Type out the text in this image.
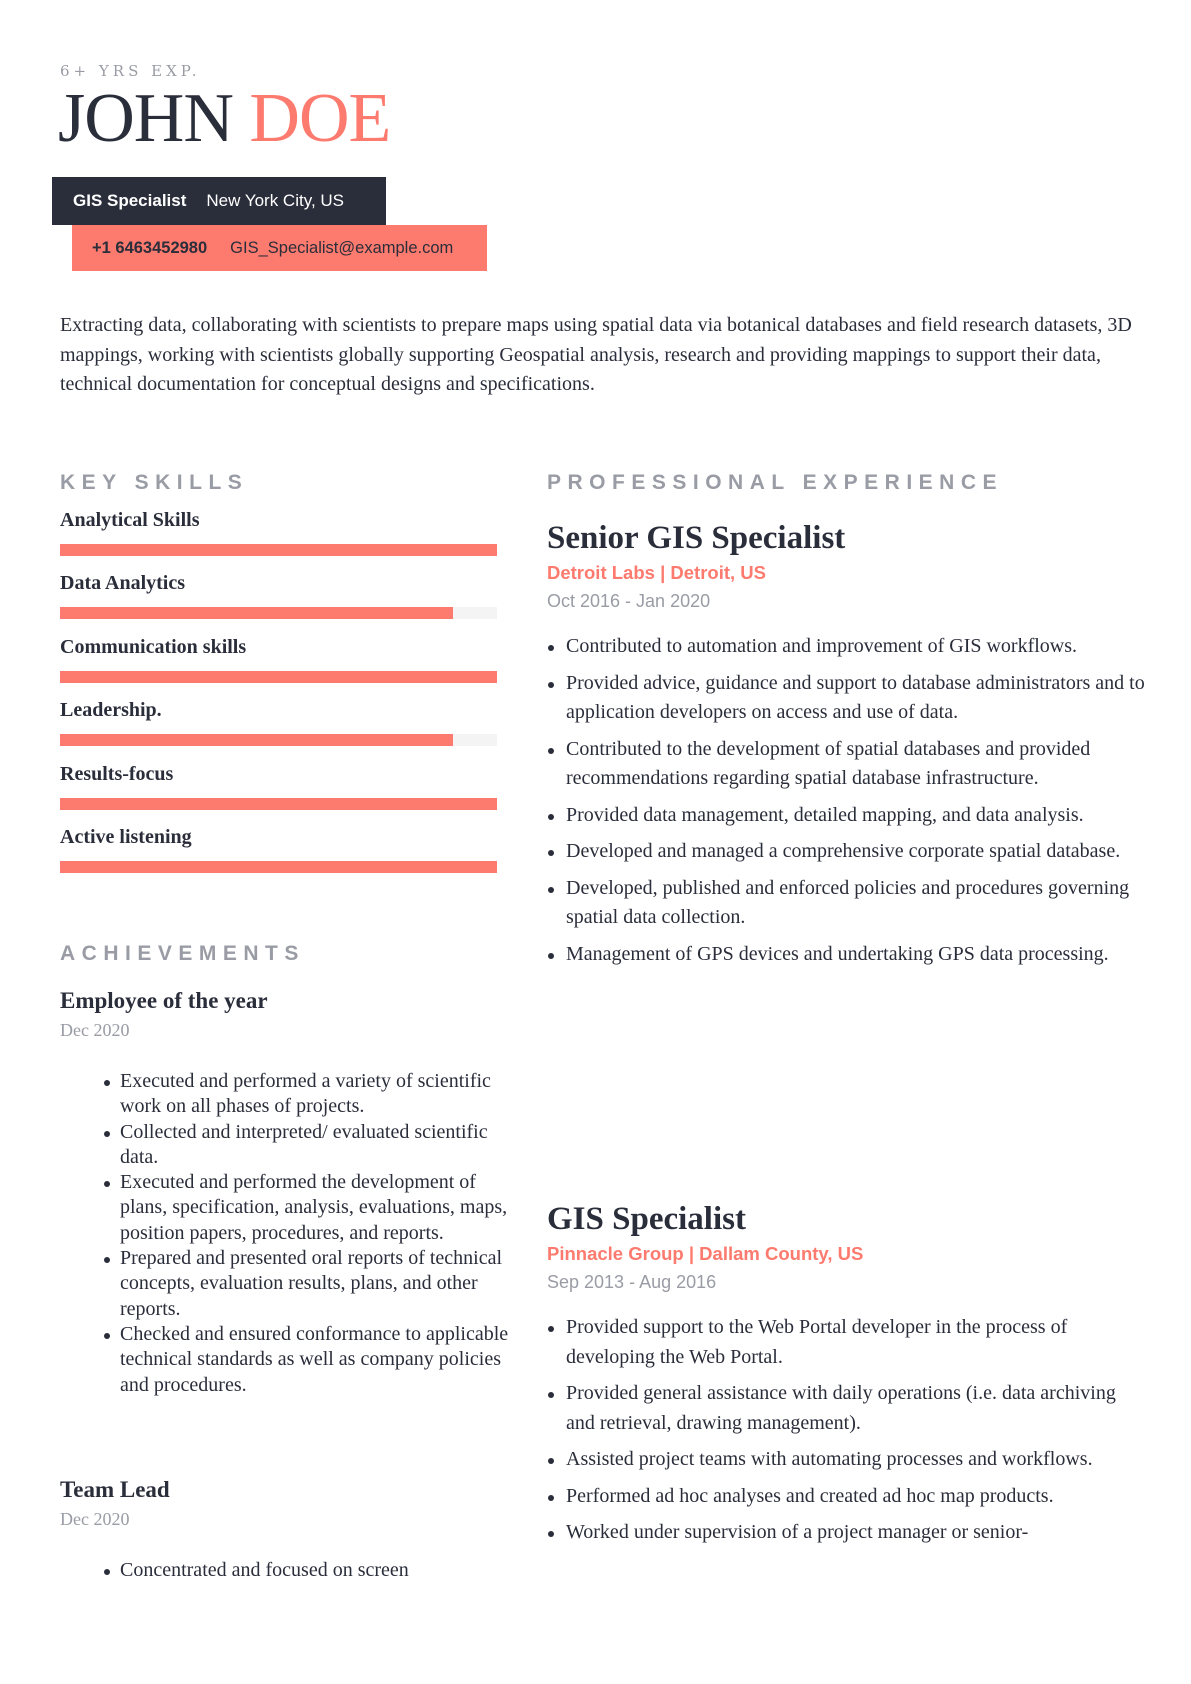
6+ YRS EXP.
JOHN DOE
GIS Specialist New York City, US
+1 6463452980 GIS_Specialist@example.com

Extracting data, collaborating with scientists to prepare maps using spatial data via botanical databases and field research datasets, 3D mappings, working with scientists globally supporting Geospatial analysis, research and providing mappings to support their data, technical documentation for conceptual designs and specifications.

KEY SKILLS
Analytical Skills
Data Analytics
Communication skills
Leadership.
Results-focus
Active listening
ACHIEVEMENTS
Employee of the year
Dec 2020
Executed and performed a variety of scientific work on all phases of projects.
Collected and interpreted/ evaluated scientific data.
Executed and performed the development of plans, specification, analysis, evaluations, maps, position papers, procedures, and reports.
Prepared and presented oral reports of technical concepts, evaluation results, plans, and other reports.
Checked and ensured conformance to applicable technical standards as well as company policies and procedures.
Team Lead
Dec 2020
Concentrated and focused on screen
PROFESSIONAL EXPERIENCE
Senior GIS Specialist
Detroit Labs | Detroit, US
Oct 2016 - Jan 2020
Contributed to automation and improvement of GIS workflows.
Provided advice, guidance and support to database administrators and to application developers on access and use of data.
Contributed to the development of spatial databases and provided recommendations regarding spatial database infrastructure.
Provided data management, detailed mapping, and data analysis.
Developed and managed a comprehensive corporate spatial database.
Developed, published and enforced policies and procedures governing spatial data collection.
Management of GPS devices and undertaking GPS data processing.
GIS Specialist
Pinnacle Group | Dallam County, US
Sep 2013 - Aug 2016
Provided support to the Web Portal developer in the process of developing the Web Portal.
Provided general assistance with daily operations (i.e. data archiving and retrieval, drawing management).
Assisted project teams with automating processes and workflows.
Performed ad hoc analyses and created ad hoc map products.
Worked under supervision of a project manager or senior-
